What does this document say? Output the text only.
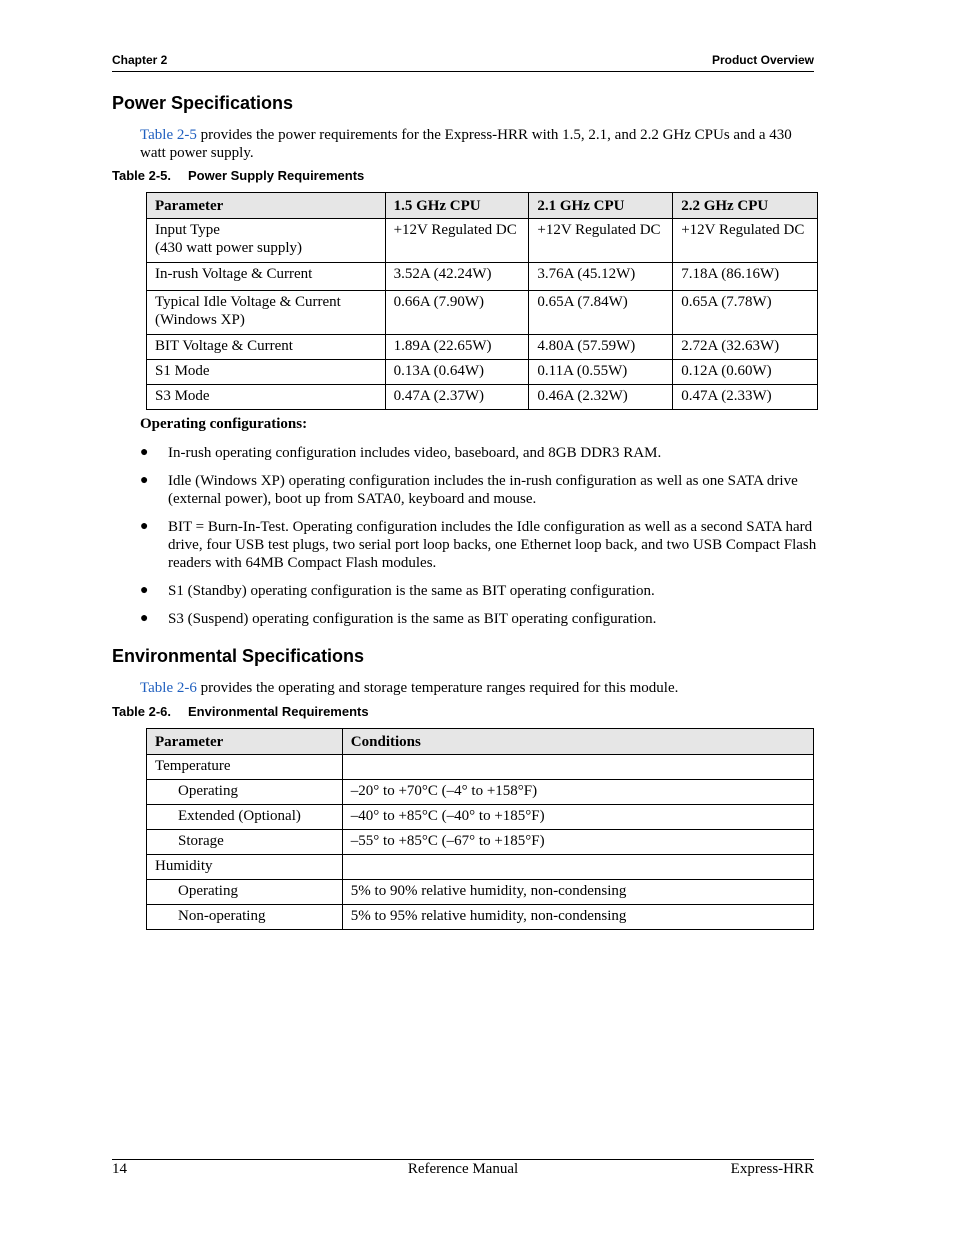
Chapter 2	Product Overview
Power Specifications

Table 2-5 provides the power requirements for the Express-HRR with 1.5, 2.1, and 2.2 GHz CPUs and a 430 watt power supply.

Table 2-5. Power Supply Requirements
Parameter	1.5 GHz CPU	2.1 GHz CPU	2.2 GHz CPU
Input Type
(430 watt power supply)	+12V Regulated DC	+12V Regulated DC	+12V Regulated DC
In-rush Voltage & Current	3.52A (42.24W)	3.76A (45.12W)	7.18A (86.16W)
Typical Idle Voltage & Current
(Windows XP)	0.66A (7.90W)	0.65A (7.84W)	0.65A (7.78W)
BIT Voltage & Current	1.89A (22.65W)	4.80A (57.59W)	2.72A (32.63W)
S1 Mode	0.13A (0.64W)	0.11A (0.55W)	0.12A (0.60W)
S3 Mode	0.47A (2.37W)	0.46A (2.32W)	0.47A (2.33W)
Operating configurations:
● In-rush operating configuration includes video, baseboard, and 8GB DDR3 RAM.
● Idle (Windows XP) operating configuration includes the in-rush configuration as well as one SATA drive (external power), boot up from SATA0, keyboard and mouse.
● BIT = Burn-In-Test. Operating configuration includes the Idle configuration as well as a second SATA hard drive, four USB test plugs, two serial port loop backs, one Ethernet loop back, and two USB Compact Flash readers with 64MB Compact Flash modules.
● S1 (Standby) operating configuration is the same as BIT operating configuration.
● S3 (Suspend) operating configuration is the same as BIT operating configuration.
Environmental Specifications

Table 2-6 provides the operating and storage temperature ranges required for this module.

Table 2-6. Environmental Requirements
Parameter	Conditions
Temperature	
Operating	–20° to +70°C (–4° to +158°F)
Extended (Optional)	–40° to +85°C (–40° to +185°F)
Storage	–55° to +85°C (–67° to +185°F)
Humidity	
Operating	5% to 90% relative humidity, non-condensing
Non-operating	5% to 95% relative humidity, non-condensing
14	Reference Manual	Express-HRR
